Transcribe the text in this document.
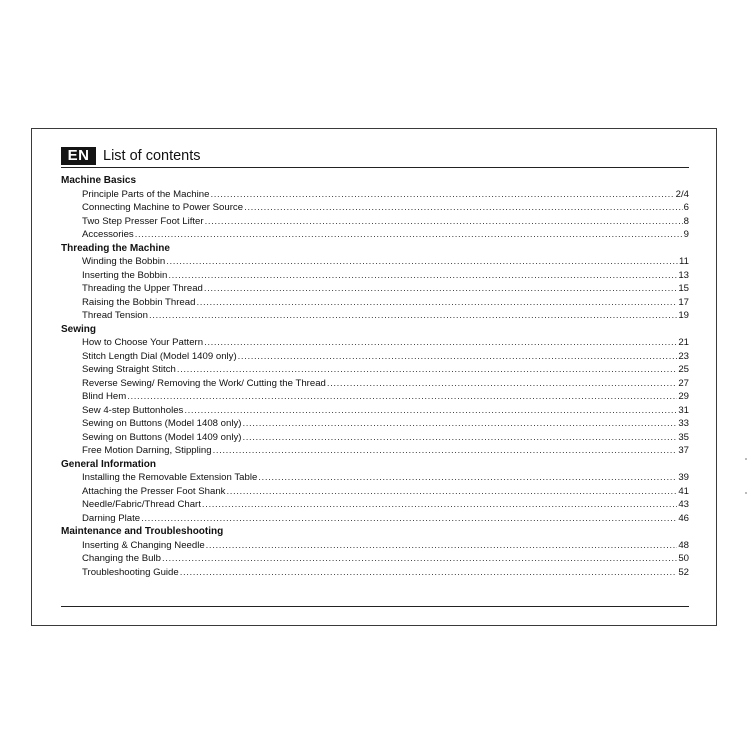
EN List of contents
Machine Basics
Principle Parts of the Machine .....	2/4
Connecting Machine to Power Source .....	6
Two Step Presser Foot Lifter .....	8
Accessories .....	9
Threading the Machine
Winding the Bobbin .....	11
Inserting the Bobbin .....	13
Threading the Upper Thread .....	15
Raising the Bobbin Thread .....	17
Thread Tension .....	19
Sewing
How to Choose Your Pattern .....	21
Stitch Length Dial (Model 1409 only) .....	23
Sewing Straight Stitch .....	25
Reverse Sewing/ Removing the Work/ Cutting the Thread .....	27
Blind Hem .....	29
Sew 4-step Buttonholes .....	31
Sewing on Buttons (Model 1408 only) .....	33
Sewing on Buttons (Model 1409 only) .....	35
Free Motion Darning, Stippling .....	37
General Information
Installing the Removable Extension Table .....	39
Attaching the Presser Foot Shank .....	41
Needle/Fabric/Thread Chart .....	43
Darning Plate .....	46
Maintenance and Troubleshooting
Inserting & Changing Needle .....	48
Changing the Bulb .....	50
Troubleshooting Guide .....	52
